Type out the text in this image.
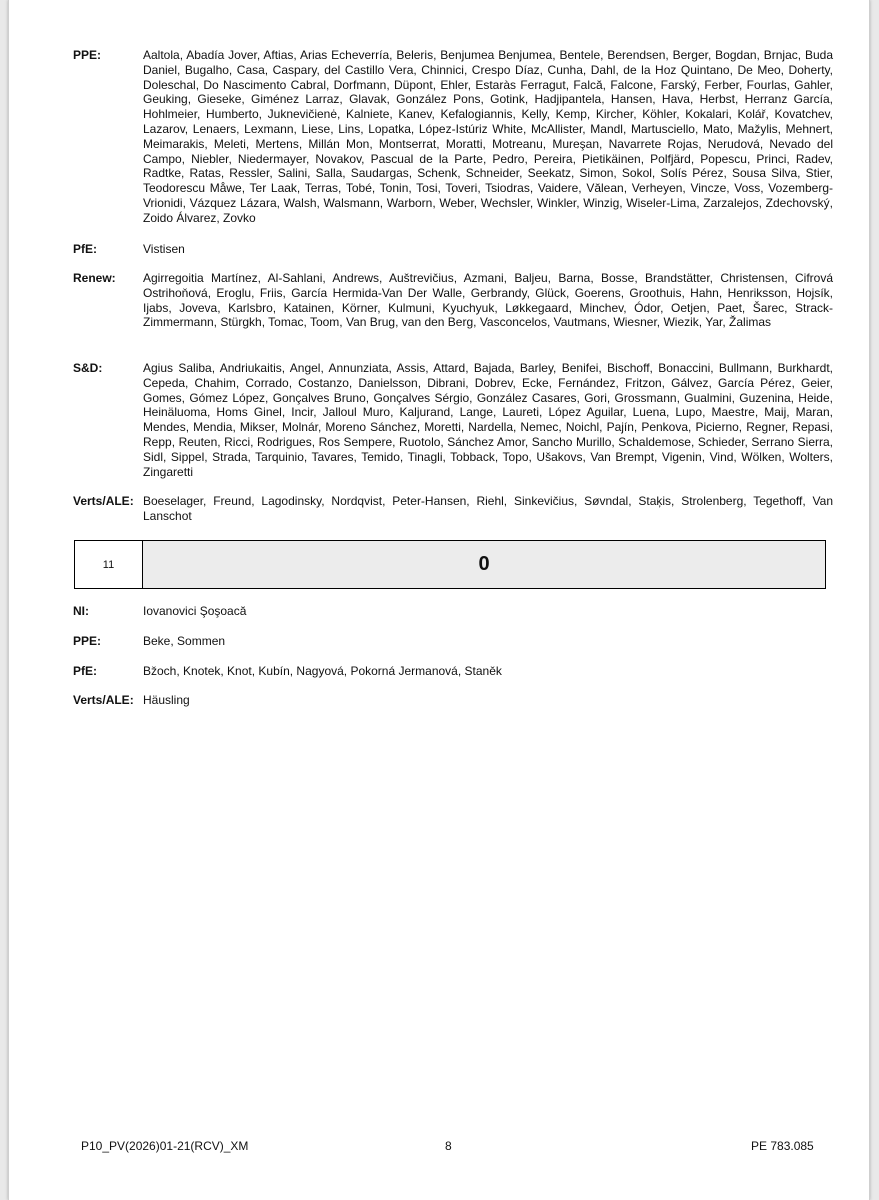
PPE:	Aaltola, Abadía Jover, Aftias, Arias Echeverría, Beleris, Benjumea Benjumea, Bentele, Berendsen, Berger, Bogdan, Brnjac, Buda Daniel, Bugalho, Casa, Caspary, del Castillo Vera, Chinnici, Crespo Díaz, Cunha, Dahl, de la Hoz Quintano, De Meo, Doherty, Doleschal, Do Nascimento Cabral, Dorfmann, Düpont, Ehler, Estaràs Ferragut, Falcă, Falcone, Farský, Ferber, Fourlas, Gahler, Geuking, Gieseke, Giménez Larraz, Glavak, González Pons, Gotink, Hadjipantela, Hansen, Hava, Herbst, Herranz García, Hohlmeier, Humberto, Juknevičienė, Kalniete, Kanev, Kefalogiannis, Kelly, Kemp, Kircher, Köhler, Kokalari, Kolář, Kovatchev, Lazarov, Lenaers, Lexmann, Liese, Lins, Lopatka, López-Istúriz White, McAllister, Mandl, Martusciello, Mato, Mažylis, Mehnert, Meimarakis, Meleti, Mertens, Millán Mon, Montserrat, Moratti, Motreanu, Mureşan, Navarrete Rojas, Nerudová, Nevado del Campo, Niebler, Niedermayer, Novakov, Pascual de la Parte, Pedro, Pereira, Pietikäinen, Polfjärd, Popescu, Princi, Radev, Radtke, Ratas, Ressler, Salini, Salla, Saudargas, Schenk, Schneider, Seekatz, Simon, Sokol, Solís Pérez, Sousa Silva, Stier, Teodorescu Måwe, Ter Laak, Terras, Tobé, Tonin, Tosi, Toveri, Tsiodras, Vaidere, Vălean, Verheyen, Vincze, Voss, Vozemberg-Vrionidi, Vázquez Lázara, Walsh, Walsmann, Warborn, Weber, Wechsler, Winkler, Winzig, Wiseler-Lima, Zarzalejos, Zdechovský, Zoido Álvarez, Zovko
PfE:	Vistisen
Renew:	Agirregoitia Martínez, Al-Sahlani, Andrews, Auštrevičius, Azmani, Baljeu, Barna, Bosse, Brandstätter, Christensen, Cifrová Ostrihoňová, Eroglu, Friis, García Hermida-Van Der Walle, Gerbrandy, Glück, Goerens, Groothuis, Hahn, Henriksson, Hojsík, Ijabs, Joveva, Karlsbro, Katainen, Körner, Kulmuni, Kyuchyuk, Løkkegaard, Minchev, Ódor, Oetjen, Paet, Šarec, Strack-Zimmermann, Stürgkh, Tomac, Toom, Van Brug, van den Berg, Vasconcelos, Vautmans, Wiesner, Wiezik, Yar, Žalimas
S&D:	Agius Saliba, Andriukaitis, Angel, Annunziata, Assis, Attard, Bajada, Barley, Benifei, Bischoff, Bonaccini, Bullmann, Burkhardt, Cepeda, Chahim, Corrado, Costanzo, Danielsson, Dibrani, Dobrev, Ecke, Fernández, Fritzon, Gálvez, García Pérez, Geier, Gomes, Gómez López, Gonçalves Bruno, Gonçalves Sérgio, González Casares, Gori, Grossmann, Gualmini, Guzenina, Heide, Heinäluoma, Homs Ginel, Incir, Jalloul Muro, Kaljurand, Lange, Laureti, López Aguilar, Luena, Lupo, Maestre, Maij, Maran, Mendes, Mendia, Mikser, Molnár, Moreno Sánchez, Moretti, Nardella, Nemec, Noichl, Pajín, Penkova, Picierno, Regner, Repasi, Repp, Reuten, Ricci, Rodrigues, Ros Sempere, Ruotolo, Sánchez Amor, Sancho Murillo, Schaldemose, Schieder, Serrano Sierra, Sidl, Sippel, Strada, Tarquinio, Tavares, Temido, Tinagli, Tobback, Topo, Ušakovs, Van Brempt, Vigenin, Vind, Wölken, Wolters, Zingaretti
Verts/ALE: Boeselager, Freund, Lagodinsky, Nordqvist, Peter-Hansen, Riehl, Sinkevičius, Søvndal, Staķis, Strolenberg, Tegethoff, Van Lanschot
11	0
NI:	Iovanovici Şoşoacă
PPE:	Beke, Sommen
PfE:	Bžoch, Knotek, Knot, Kubín, Nagyová, Pokorná Jermanová, Staněk
Verts/ALE: Häusling
P10_PV(2026)01-21(RCV)_XM	8	PE 783.085
